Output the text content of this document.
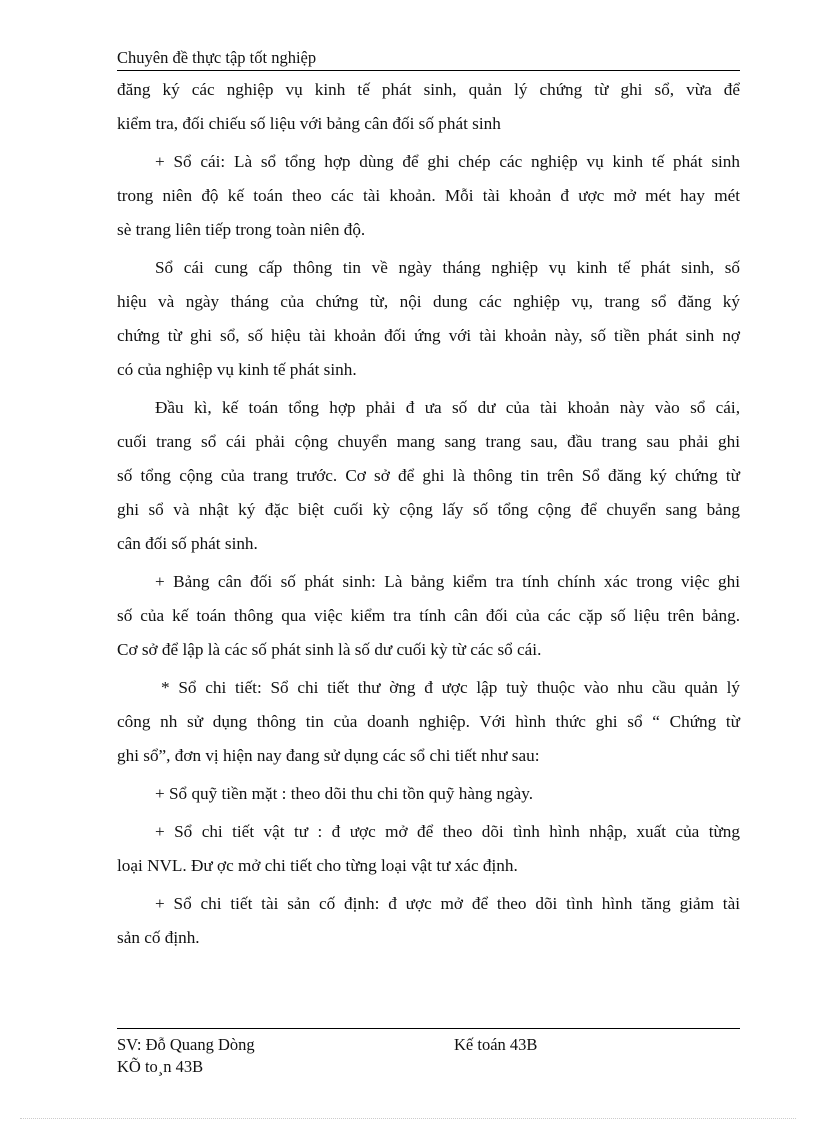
Chuyên đề thực tập tốt nghiệp
đăng ký các nghiệp vụ kinh tế phát sinh, quản lý chứng từ ghi sổ, vừa để
kiểm tra, đối chiếu số liệu với bảng cân đối số phát sinh
+ Sổ cái: Là sổ tổng hợp dùng để ghi chép các nghiệp vụ kinh tế phát sinh
trong niên độ kế toán theo các tài khoản. Mỗi tài khoản đ ược mở mét hay mét
sè trang liên tiếp trong toàn niên độ.
Sổ cái cung cấp thông tin về ngày tháng nghiệp vụ kinh tế phát sinh, số
hiệu và ngày tháng của chứng từ, nội dung các nghiệp vụ, trang sổ đăng ký
chứng từ ghi sổ, số hiệu tài khoản đối ứng với tài khoản này, số tiền phát sinh nợ
có của nghiệp vụ kinh tế phát sinh.
Đầu kì, kế toán tổng hợp phải đ ưa số dư của tài khoản này vào sổ cái,
cuối trang sổ cái phải cộng chuyển mang sang trang sau, đầu trang sau phải ghi
số tổng cộng của trang trước. Cơ sở để ghi là thông tin trên Sổ đăng ký chứng từ
ghi sổ và nhật ký đặc biệt cuối kỳ cộng lấy số tổng cộng để chuyển sang bảng
cân đối số phát sinh.
+ Bảng cân đối số phát sinh: Là bảng kiểm tra tính chính xác trong việc ghi
số của kế toán thông qua việc kiểm tra tính cân đối của các cặp số liệu trên bảng.
Cơ sở để lập là các số phát sinh là số dư cuối kỳ từ các sổ cái.
* Sổ chi tiết: Sổ chi tiết thư ờng đ ược lập tuỳ thuộc vào nhu cầu quản lý
công nh sử dụng thông tin của doanh nghiệp. Với hình thức ghi sổ “ Chứng từ
ghi sổ”, đơn vị hiện nay đang sử dụng các sổ chi tiết như sau:
+ Sổ quỹ tiền mặt : theo dõi thu chi tồn quỹ hàng ngày.
+ Sổ chi tiết vật tư : đ ược mở để theo dõi tình hình nhập, xuất của từng
loại NVL. Đư ợc mở chi tiết cho từng loại vật tư xác định.
+ Sổ chi tiết tài sản cố định: đ ược mở để theo dõi tình hình tăng giảm tài
sản cố định.
SV: Đỗ Quang Dòng
KÕ to¸n 43B
Kế toán 43B
